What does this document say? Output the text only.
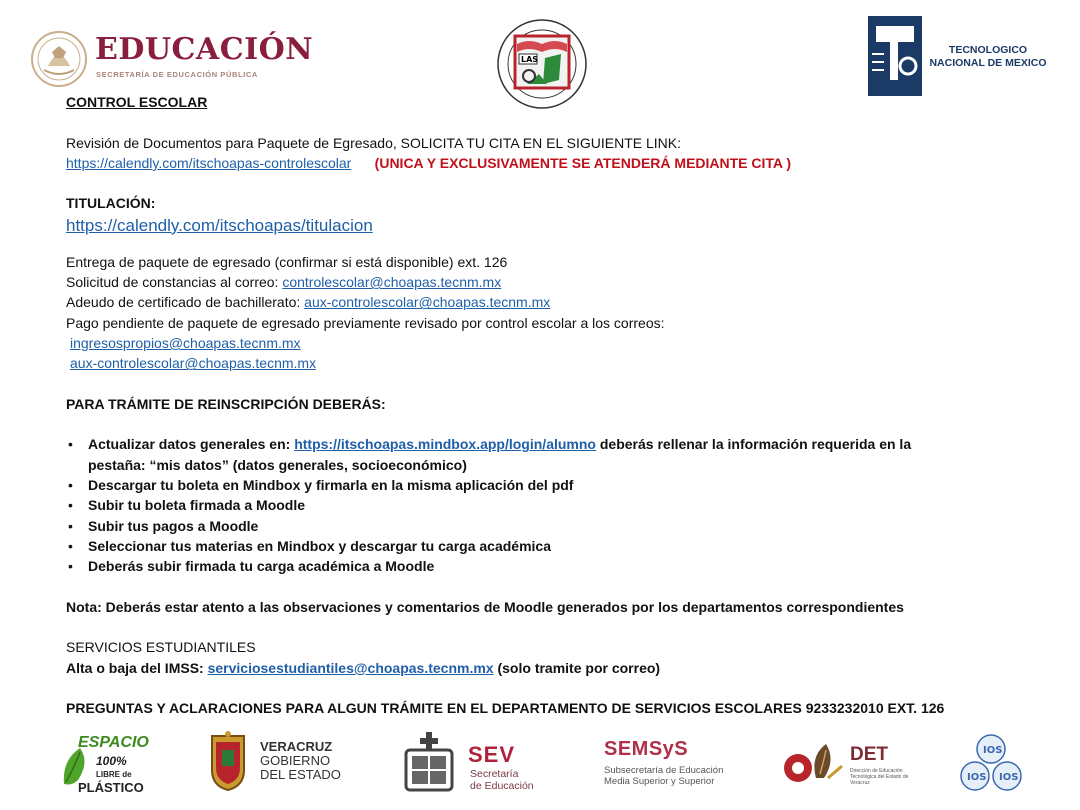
EDUCACIÓN
SECRETARÍA DE EDUCACIÓN PÚBLICA
LAS
TECNOLOGICO
NACIONAL DE MEXICO
CONTROL ESCOLAR
Revisión de Documentos para Paquete de Egresado, SOLICITA TU CITA EN EL SIGUIENTE LINK:
https://calendly.com/itschoapas-controlescolar (UNICA Y EXCLUSIVAMENTE SE ATENDERÁ MEDIANTE CITA )
TITULACIÓN:
https://calendly.com/itschoapas/titulacion
Entrega de paquete de egresado (confirmar si está disponible) ext. 126
Solicitud de constancias al correo: controlescolar@choapas.tecnm.mx
Adeudo de certificado de bachillerato: aux-controlescolar@choapas.tecnm.mx
Pago pendiente de paquete de egresado previamente revisado por control escolar a los correos:
ingresospropios@choapas.tecnm.mx
aux-controlescolar@choapas.tecnm.mx
PARA TRÁMITE DE REINSCRIPCIÓN DEBERÁS:
• Actualizar datos generales en: https://itschoapas.mindbox.app/login/alumno deberás rellenar la información requerida en la
pestaña: “mis datos” (datos generales, socioeconómico)
• Descargar tu boleta en Mindbox y firmarla en la misma aplicación del pdf
• Subir tu boleta firmada a Moodle
• Subir tus pagos a Moodle
• Seleccionar tus materias en Mindbox y descargar tu carga académica
• Deberás subir firmada tu carga académica a Moodle
Nota: Deberás estar atento a las observaciones y comentarios de Moodle generados por los departamentos correspondientes
SERVICIOS ESTUDIANTILES
Alta o baja del IMSS: serviciosestudiantiles@choapas.tecnm.mx (solo tramite por correo)
PREGUNTAS Y ACLARACIONES PARA ALGUN TRÁMITE EN EL DEPARTAMENTO DE SERVICIOS ESCOLARES 9233232010 EXT. 126
ESPACIO
100%
LIBRE de
PLÁSTICO
VERACRUZ
GOBIERNO
DEL ESTADO
SEV
Secretaría
de Educación
SEMSyS
Subsecretaría de Educación
Media Superior y Superior
DET
Dirección de Educación Tecnológica del Estado de Veracruz
IOS
IOS IOS
